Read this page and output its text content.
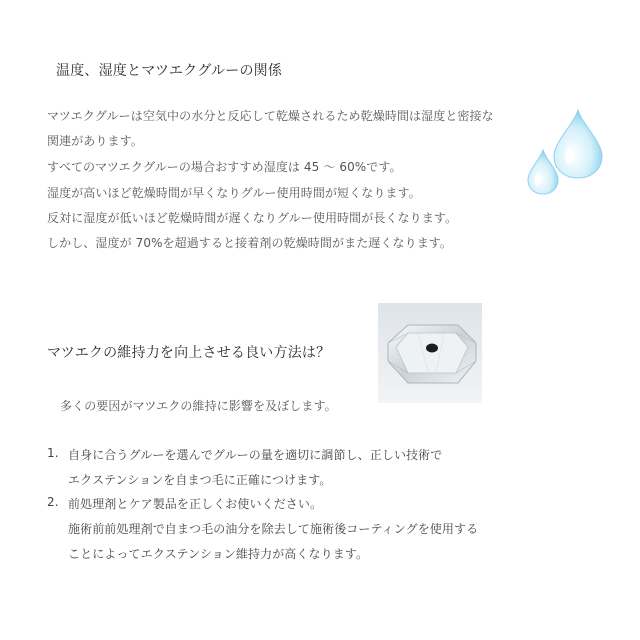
温度、湿度とマツエクグルーの関係
マツエクグルーは空気中の水分と反応して乾燥されるため乾燥時間は湿度と密接な
関連があります。
すべてのマツエクグルーの場合おすすめ湿度は 45 ～ 60%です。
湿度が高いほど乾燥時間が早くなりグルー使用時間が短くなります。
反対に湿度が低いほど乾燥時間が遅くなりグルー使用時間が長くなります。
しかし、湿度が 70%を超過すると接着剤の乾燥時間がまた遅くなります。
マツエクの維持力を向上させる良い方法は？
多くの要因がマツエクの維持に影響を及ぼします。
1. 自身に合うグルーを選んでグルーの量を適切に調節し、正しい技術で
エクステンションを自まつ毛に正確につけます。
2. 前処理剤とケア製品を正しくお使いください。
施術前前処理剤で自まつ毛の油分を除去して施術後コーティングを使用する
ことによってエクステンション維持力が高くなります。
